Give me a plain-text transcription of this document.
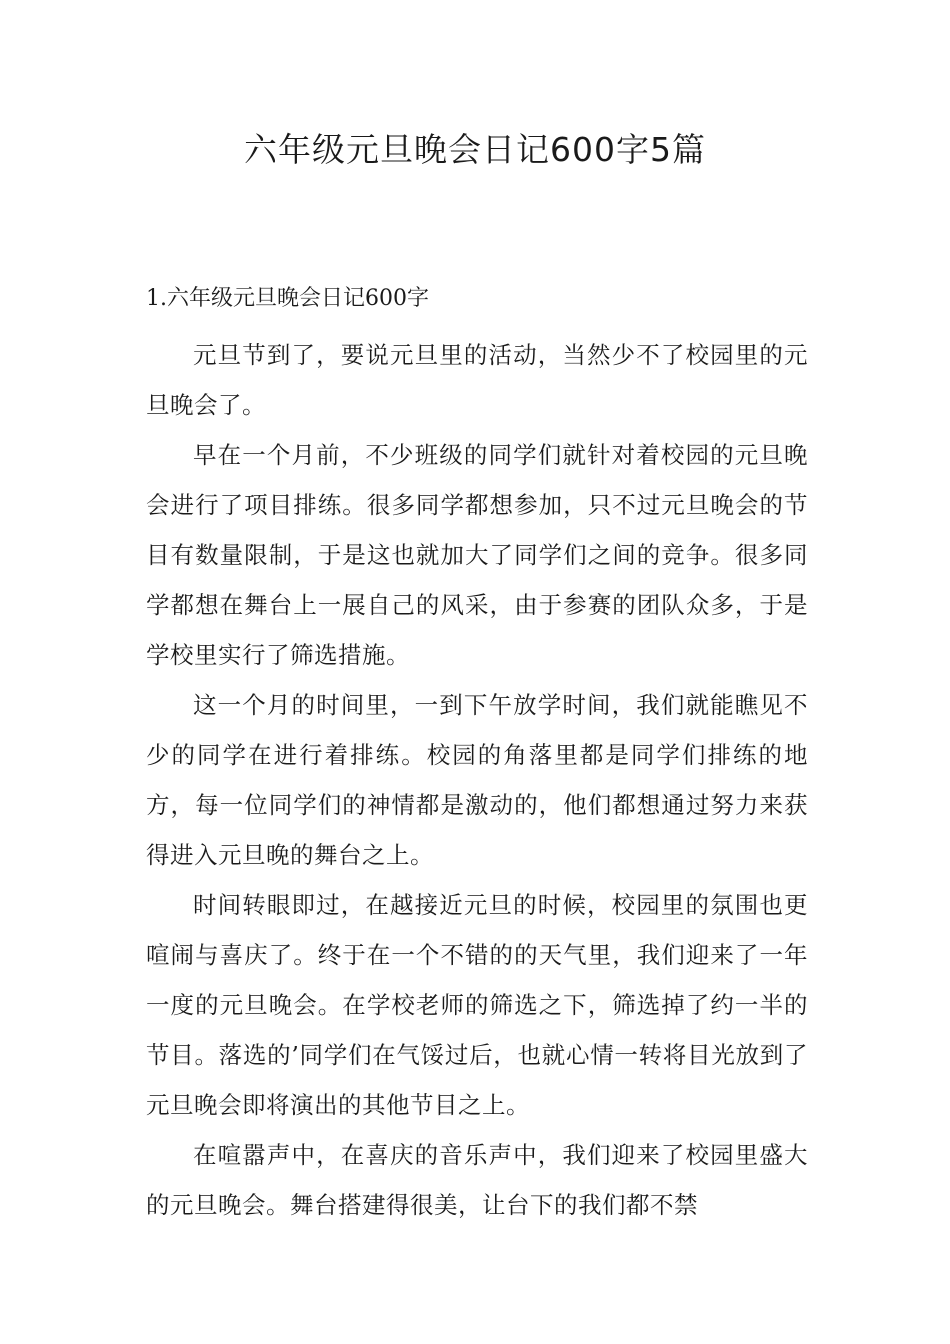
六年级元旦晚会日记600字5篇
1.六年级元旦晚会日记600字

元旦节到了，要说元旦里的活动，当然少不了校园里的元旦晚会了。

早在一个月前，不少班级的同学们就针对着校园的元旦晚会进行了项目排练。很多同学都想参加，只不过元旦晚会的节目有数量限制，于是这也就加大了同学们之间的竞争。很多同学都想在舞台上一展自己的风采，由于参赛的团队众多，于是学校里实行了筛选措施。

这一个月的时间里，一到下午放学时间，我们就能瞧见不少的同学在进行着排练。校园的角落里都是同学们排练的地方，每一位同学们的神情都是激动的，他们都想通过努力来获得进入元旦晚的舞台之上。

时间转眼即过，在越接近元旦的时候，校园里的氛围也更喧闹与喜庆了。终于在一个不错的的天气里，我们迎来了一年一度的元旦晚会。在学校老师的筛选之下，筛选掉了约一半的节目。落选的’同学们在气馁过后，也就心情一转将目光放到了元旦晚会即将演出的其他节目之上。

在喧嚣声中，在喜庆的音乐声中，我们迎来了校园里盛大的元旦晚会。舞台搭建得很美，让台下的我们都不禁
